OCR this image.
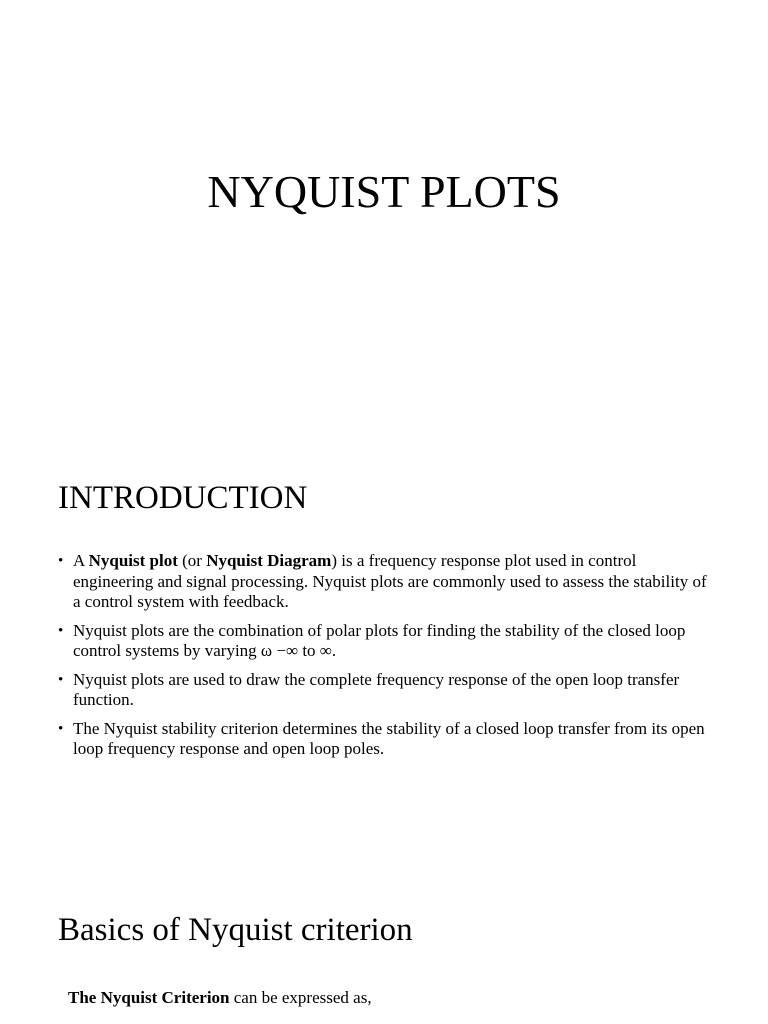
NYQUIST PLOTS
INTRODUCTION
• A Nyquist plot (or Nyquist Diagram) is a frequency response plot used in control engineering and signal processing. Nyquist plots are commonly used to assess the stability of a control system with feedback.
• Nyquist plots are the combination of polar plots for finding the stability of the closed loop control systems by varying ω −∞ to ∞.
• Nyquist plots are used to draw the complete frequency response of the open loop transfer function.
• The Nyquist stability criterion determines the stability of a closed loop transfer from its open loop frequency response and open loop poles.
Basics of Nyquist criterion

The Nyquist Criterion can be expressed as,
